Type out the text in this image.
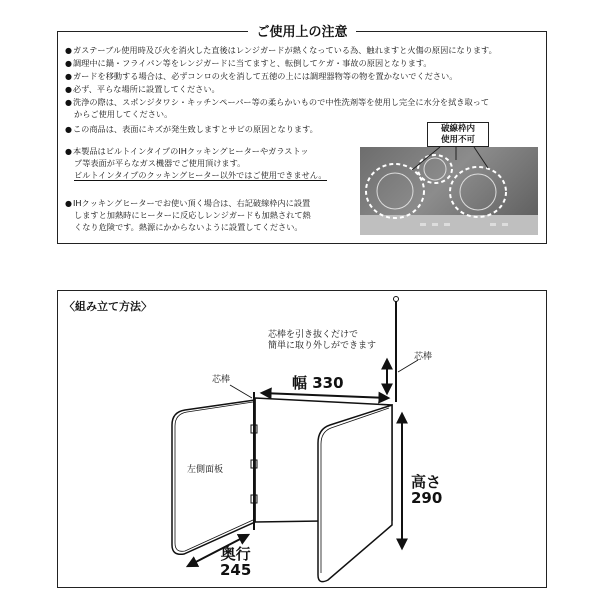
ご使用上の注意
●ガステーブル使用時及び火を消火した直後はレンジガードが熱くなっている為、触れますと火傷の原因になります。
●調理中に鍋・フライパン等をレンジガードに当てますと、転倒してケガ・事故の原因となります。
●ガードを移動する場合は、必ずコンロの火を消して五徳の上には調理器物等の物を置かないでください。
●必ず、平らな場所に設置してください。
●洗浄の際は、スポンジタワシ・キッチンペーパー等の柔らかいもので中性洗剤等を使用し完全に水分を拭き取って
からご使用してください。
●この商品は、表面にキズが発生致しますとサビの原因となります。
●本製品はビルトインタイプのIHクッキングヒーターやガラストッ
プ等表面が平らなガス機器でご使用頂けます。
ビルトインタイプのクッキングヒーター以外ではご使用できません。
●IHクッキングヒーターでお使い頂く場合は、右記破線枠内に設置
しますと加熱時にヒーターに反応しレンジガードも加熱されて熱
くなり危険です。熱源にかからないように設置してください。
破線枠内
使用不可
〈組み立て方法〉
芯棒を引き抜くだけで
簡単に取り外しができます
芯棒
芯棒
左側面板
幅 330
高さ
290
奥行
245
